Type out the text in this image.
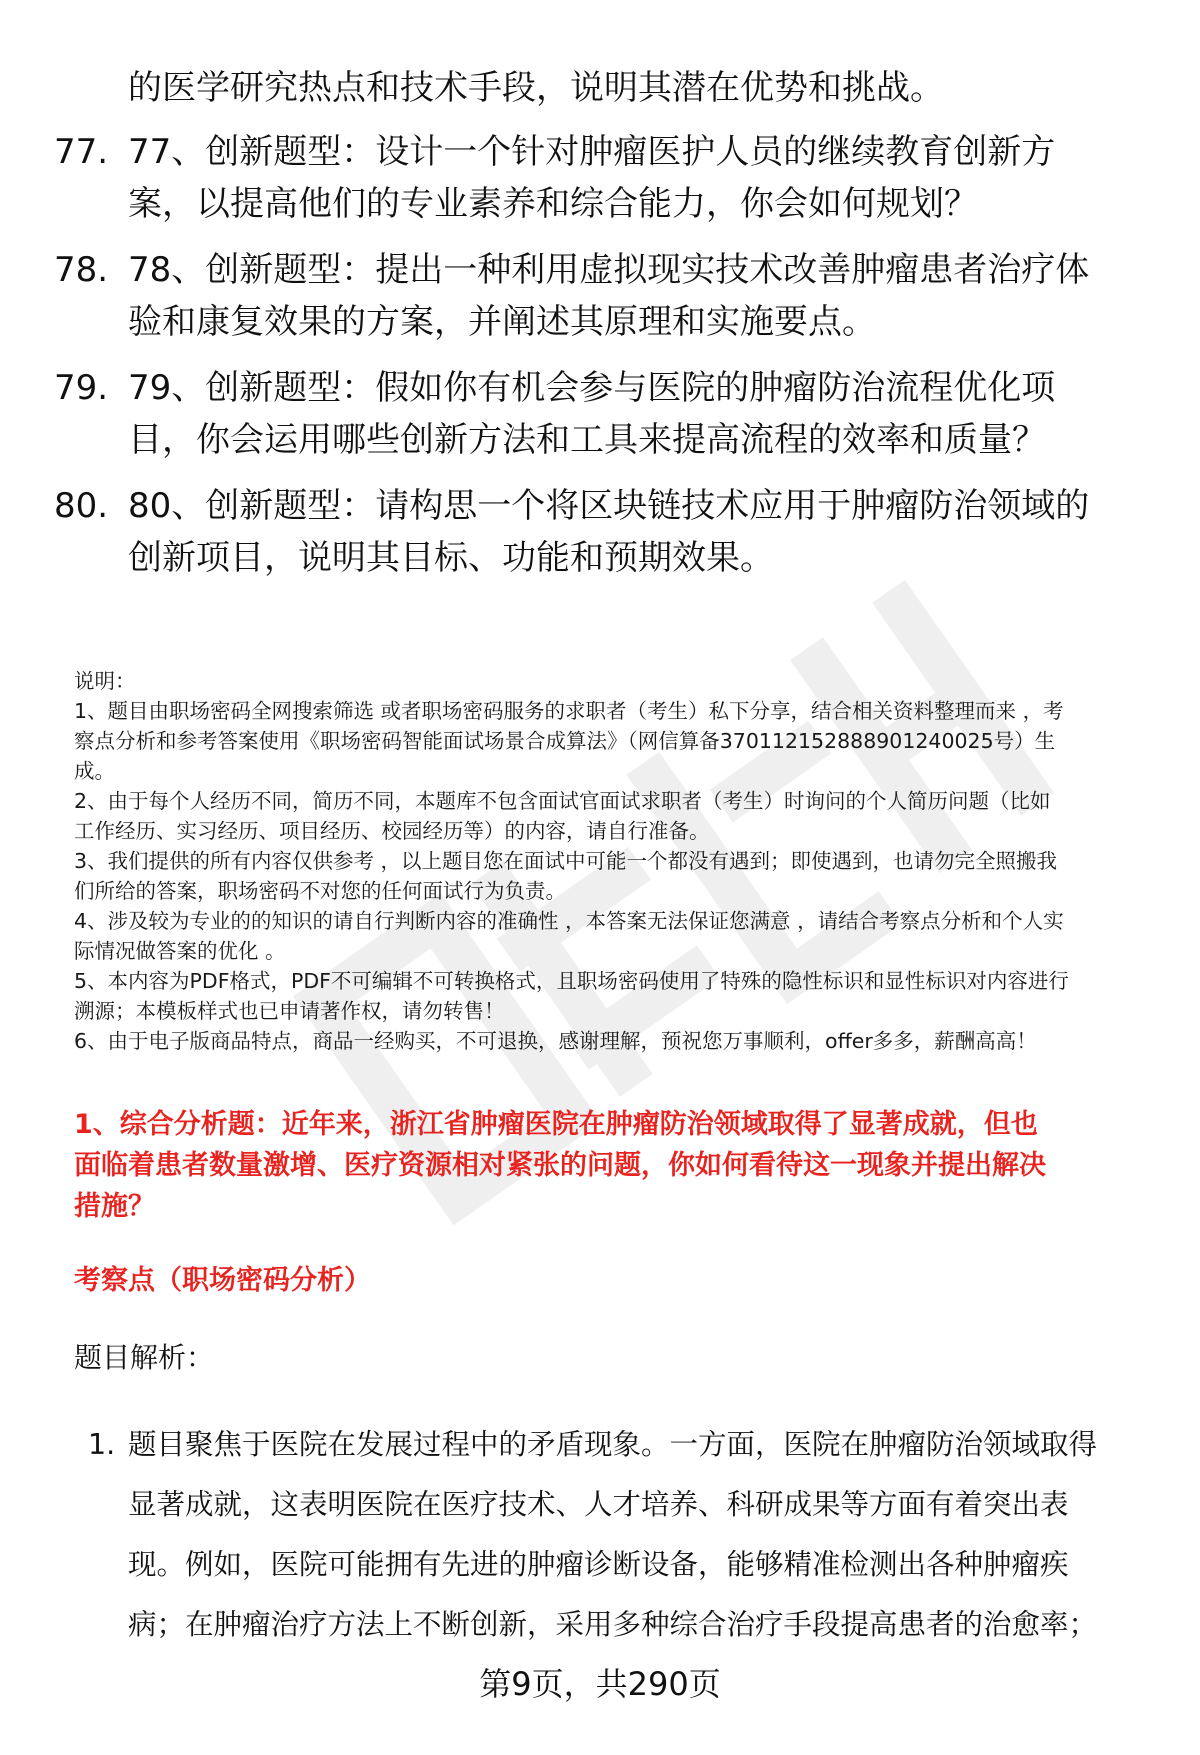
的医学研究热点和技术手段，说明其潜在优势和挑战。
77. 77、创新题型：设计一个针对肿瘤医护人员的继续教育创新方
案，以提高他们的专业素养和综合能力，你会如何规划？
78. 78、创新题型：提出一种利用虚拟现实技术改善肿瘤患者治疗体
验和康复效果的方案，并阐述其原理和实施要点。
79. 79、创新题型：假如你有机会参与医院的肿瘤防治流程优化项
目，你会运用哪些创新方法和工具来提高流程的效率和质量？
80. 80、创新题型：请构思一个将区块链技术应用于肿瘤防治领域的
创新项目，说明其目标、功能和预期效果。
说明：
1、题目由职场密码全网搜索筛选 或者职场密码服务的求职者（考生）私下分享，结合相关资料整理而来 ，考
察点分析和参考答案使用《职场密码智能面试场景合成算法》（网信算备370112152888901240025号）生
成。
2、由于每个人经历不同，简历不同，本题库不包含面试官面试求职者（考生）时询问的个人简历问题（比如
工作经历、实习经历、项目经历、校园经历等）的内容，请自行准备。
3、我们提供的所有内容仅供参考 ，以上题目您在面试中可能一个都没有遇到；即使遇到，也请勿完全照搬我
们所给的答案，职场密码不对您的任何面试行为负责。
4、涉及较为专业的的知识的请自行判断内容的准确性 ，本答案无法保证您满意 ，请结合考察点分析和个人实
际情况做答案的优化 。
5、本内容为PDF格式，PDF不可编辑不可转换格式，且职场密码使用了特殊的隐性标识和显性标识对内容进行
溯源；本模板样式也已申请著作权，请勿转售！
6、由于电子版商品特点，商品一经购买，不可退换，感谢理解，预祝您万事顺利，offer多多，薪酬高高！
1、综合分析题：近年来，浙江省肿瘤医院在肿瘤防治领域取得了显著成就，但也
面临着患者数量激增、医疗资源相对紧张的问题，你如何看待这一现象并提出解决
措施？
考察点（职场密码分析）
题目解析：
1. 题目聚焦于医院在发展过程中的矛盾现象。一方面，医院在肿瘤防治领域取得
显著成就，这表明医院在医疗技术、人才培养、科研成果等方面有着突出表
现。例如，医院可能拥有先进的肿瘤诊断设备，能够精准检测出各种肿瘤疾
病；在肿瘤治疗方法上不断创新，采用多种综合治疗手段提高患者的治愈率；
第9页，共290页
